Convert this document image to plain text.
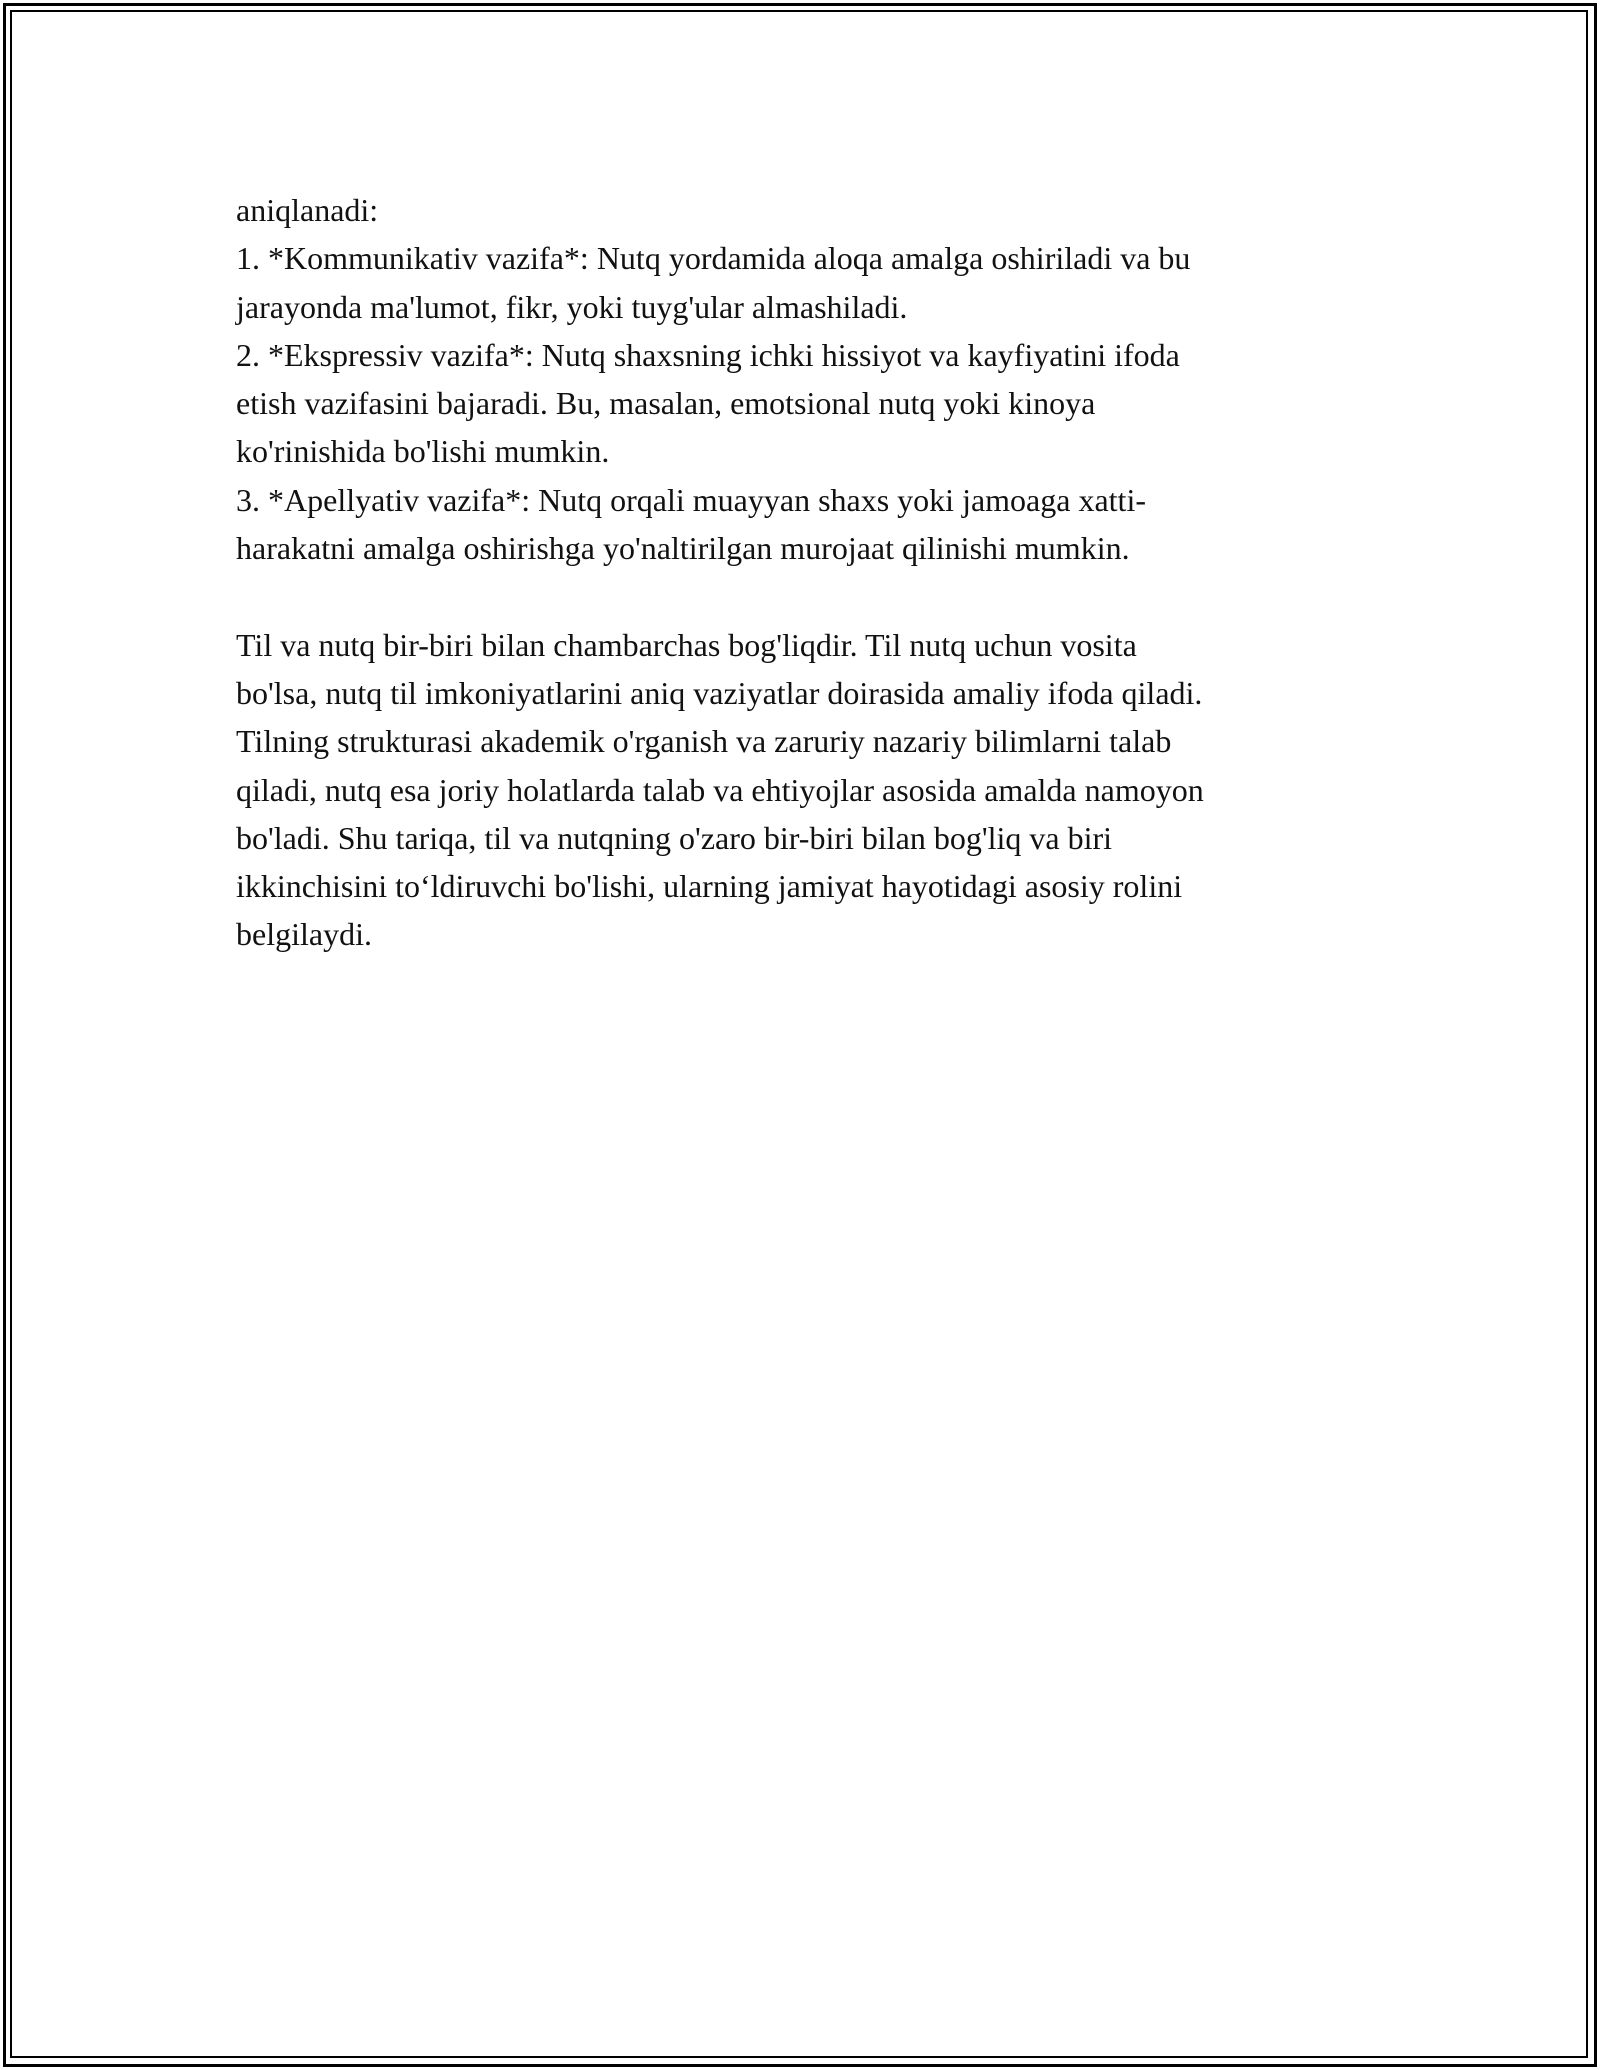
aniqlanadi:
1. *Kommunikativ vazifa*: Nutq yordamida aloqa amalga oshiriladi va bu
jarayonda ma'lumot, fikr, yoki tuyg'ular almashiladi.
2. *Ekspressiv vazifa*: Nutq shaxsning ichki hissiyot va kayfiyatini ifoda
etish vazifasini bajaradi. Bu, masalan, emotsional nutq yoki kinoya
ko'rinishida bo'lishi mumkin.
3. *Apellyativ vazifa*: Nutq orqali muayyan shaxs yoki jamoaga xatti-
harakatni amalga oshirishga yo'naltirilgan murojaat qilinishi mumkin.
Til va nutq bir-biri bilan chambarchas bog'liqdir. Til nutq uchun vosita
bo'lsa, nutq til imkoniyatlarini aniq vaziyatlar doirasida amaliy ifoda qiladi.
Tilning strukturasi akademik o'rganish va zaruriy nazariy bilimlarni talab
qiladi, nutq esa joriy holatlarda talab va ehtiyojlar asosida amalda namoyon
bo'ladi. Shu tariqa, til va nutqning o'zaro bir-biri bilan bog'liq va biri
ikkinchisini to‘ldiruvchi bo'lishi, ularning jamiyat hayotidagi asosiy rolini
belgilaydi.
